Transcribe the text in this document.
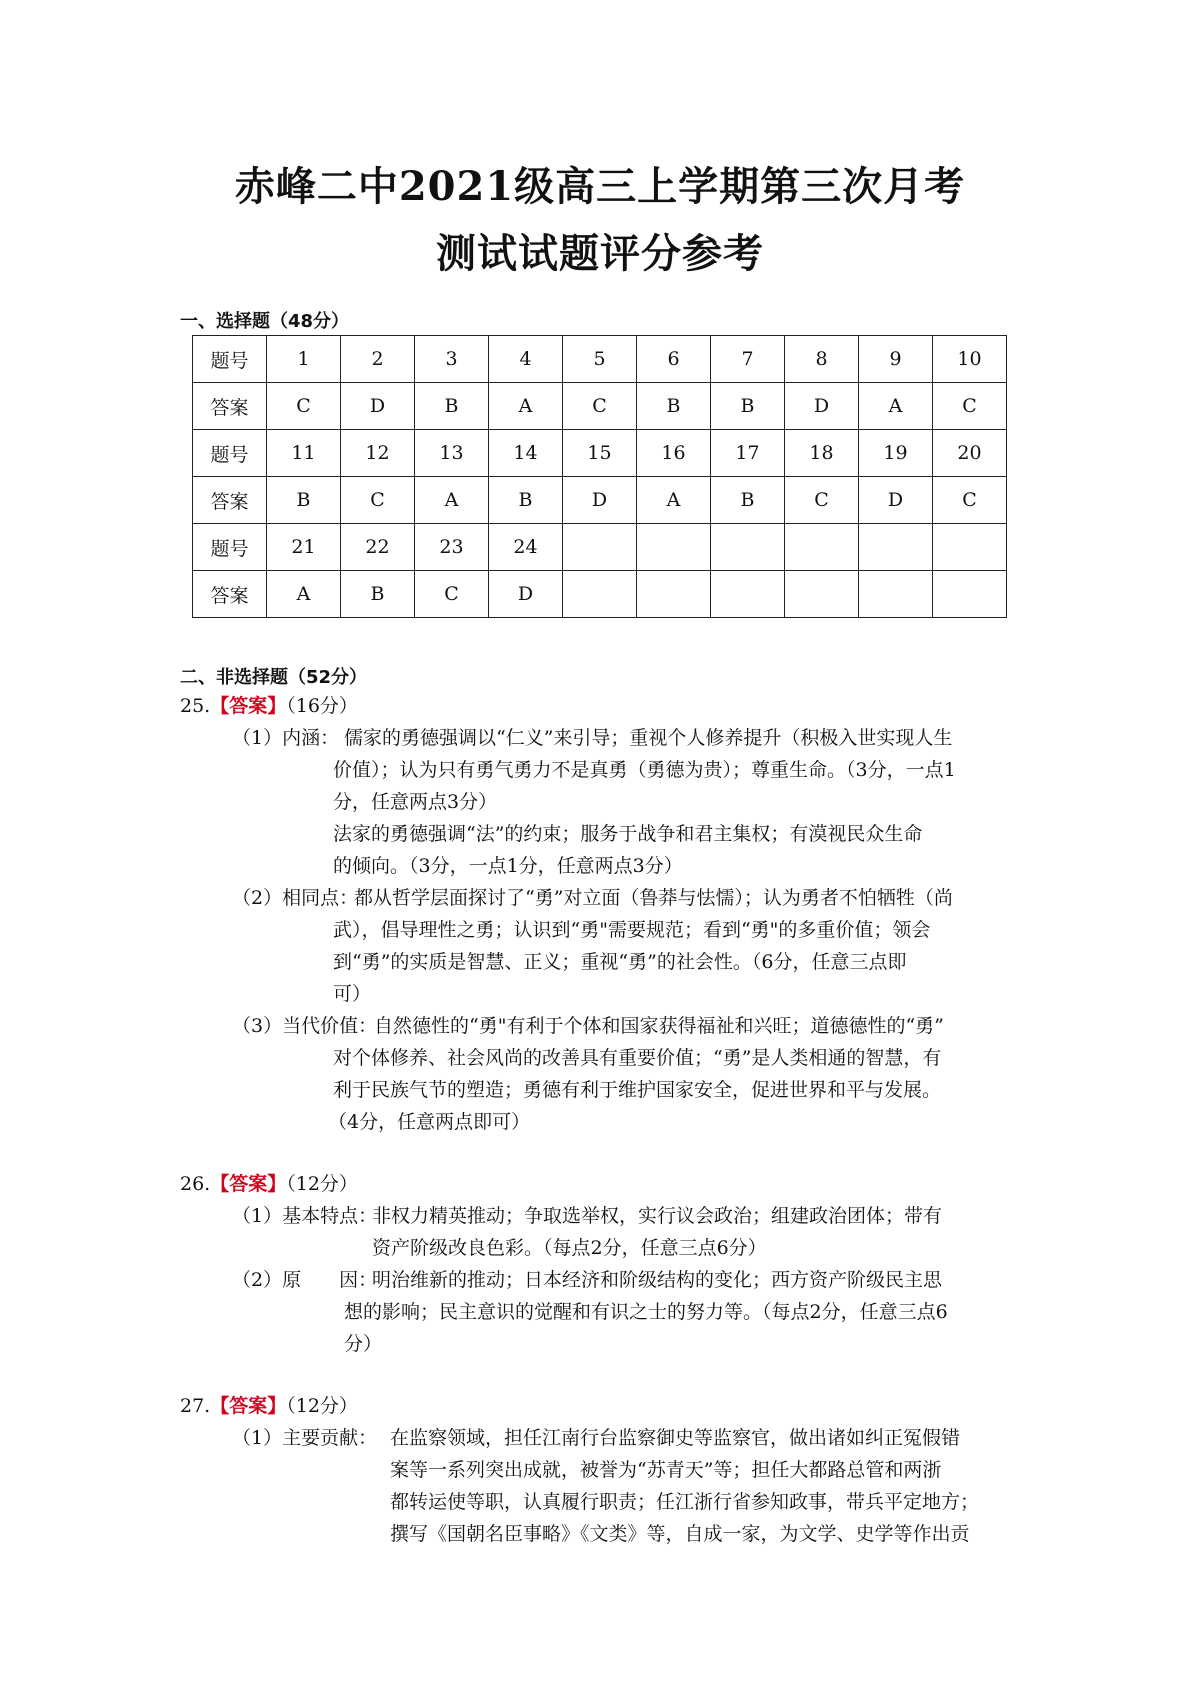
赤峰二中2021级高三上学期第三次月考
测试试题评分参考
一、选择题（48分）
题号	1	2	3	4	5	6	7	8	9	10
答案	C	D	B	A	C	B	B	D	A	C
题号	11	12	13	14	15	16	17	18	19	20
答案	B	C	A	B	D	A	B	C	D	C
题号	21	22	23	24						
答案	A	B	C	D						
二、非选择题（52分）
25.【答案】（16分）
（1）内涵： 儒家的勇德强调以“仁义”来引导；重视个人修养提升（积极入世实现人生
价值）；认为只有勇气勇力不是真勇（勇德为贵）；尊重生命。（3分，一点1
分，任意两点3分）
法家的勇德强调“法”的约束；服务于战争和君主集权；有漠视民众生命
的倾向。（3分，一点1分，任意两点3分）
（2）相同点：
都从哲学层面探讨了“勇”对立面（鲁莽与怯懦）；认为勇者不怕牺牲（尚
武），倡导理性之勇；认识到“勇"需要规范；看到“勇"的多重价值；领会
到“勇”的实质是智慧、正义；重视“勇”的社会性。（6分，任意三点即
可）
（3）当代价值：
自然德性的“勇"有利于个体和国家获得福祉和兴旺；道德德性的“勇”
对个体修养、社会风尚的改善具有重要价值；“勇”是人类相通的智慧，有
利于民族气节的塑造；勇德有利于维护国家安全，促进世界和平与发展。
（4分，任意两点即可）
26.【答案】（12分）
（1）基本特点：
非权力精英推动；争取选举权，实行议会政治；组建政治团体；带有
资产阶级改良色彩。（每点2分，任意三点6分）
（2）原　　因：
明治维新的推动；日本经济和阶级结构的变化；西方资产阶级民主思
想的影响；民主意识的觉醒和有识之士的努力等。（每点2分，任意三点6
分）
27.【答案】（12分）
（1）主要贡献： 在监察领域，担任江南行台监察御史等监察官，做出诸如纠正冤假错
案等一系列突出成就，被誉为“苏青天”等；担任大都路总管和两浙
都转运使等职，认真履行职责；任江浙行省参知政事，带兵平定地方；
撰写《国朝名臣事略》《文类》等，自成一家，为文学、史学等作出贡
